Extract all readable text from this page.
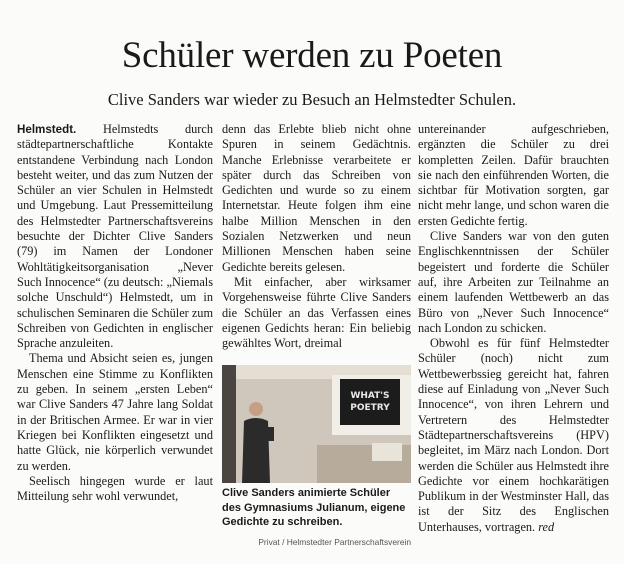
Schüler werden zu Poeten
Clive Sanders war wieder zu Besuch an Helmstedter Schulen.

Helmstedt. Helmstedts durch städtepartnerschaftliche Kontakte entstandene Verbindung nach London besteht weiter, und das zum Nutzen der Schüler an vier Schulen in Helmstedt und Umgebung. Laut Pressemitteilung des Helmstedter Partnerschaftsvereins besuchte der Dichter Clive Sanders (79) im Namen der Londoner Wohltätigkeitsorganisation „Never Such Innocence“ (zu deutsch: „Niemals solche Unschuld“) Helmstedt, um in schulischen Seminaren die Schüler zum Schreiben von Gedichten in englischer Sprache anzuleiten.

Thema und Absicht seien es, jungen Menschen eine Stimme zu Konflikten zu geben. In seinem „ersten Leben“ war Clive Sanders 47 Jahre lang Soldat in der Britischen Armee. Er war in vier Kriegen bei Konflikten eingesetzt und hatte Glück, nie körperlich verwundet zu werden.

Seelisch hingegen wurde er laut Mitteilung sehr wohl verwundet,

denn das Erlebte blieb nicht ohne Spuren in seinem Gedächtnis. Manche Erlebnisse verarbeitete er später durch das Schreiben von Gedichten und wurde so zu einem Internetstar. Heute folgen ihm eine halbe Million Menschen in den Sozialen Netzwerken und neun Millionen Menschen haben seine Gedichte bereits gelesen.

Mit einfacher, aber wirksamer Vorgehensweise führte Clive Sanders die Schüler an das Verfassen eines eigenen Gedichts heran: Ein beliebig gewähltes Wort, dreimal

WHAT'S
POETRY
Clive Sanders animierte Schüler des Gymnasiums Julianum, eigene Gedichte zu schreiben.
Privat / Helmstedter Partnerschaftsverein

untereinander aufgeschrieben, ergänzten die Schüler zu drei kompletten Zeilen. Dafür brauchten sie nach den einführenden Worten, die sichtbar für Motivation sorgten, gar nicht mehr lange, und schon waren die ersten Gedichte fertig.

Clive Sanders war von den guten Englischkenntnissen der Schüler begeistert und forderte die Schüler auf, ihre Arbeiten zur Teilnahme an einem laufenden Wettbewerb an das Büro von „Never Such Innocence“ nach London zu schicken.

Obwohl es für fünf Helmstedter Schüler (noch) nicht zum Wettbewerbssieg gereicht hat, fahren diese auf Einladung von „Never Such Innocence“, von ihren Lehrern und Vertretern des Helmstedter Städtepartnerschaftsvereins (HPV) begleitet, im März nach London. Dort werden die Schüler aus Helmstedt ihre Gedichte vor einem hochkarätigen Publikum in der Westminster Hall, das ist der Sitz des Englischen Unterhauses, vortragen. red
